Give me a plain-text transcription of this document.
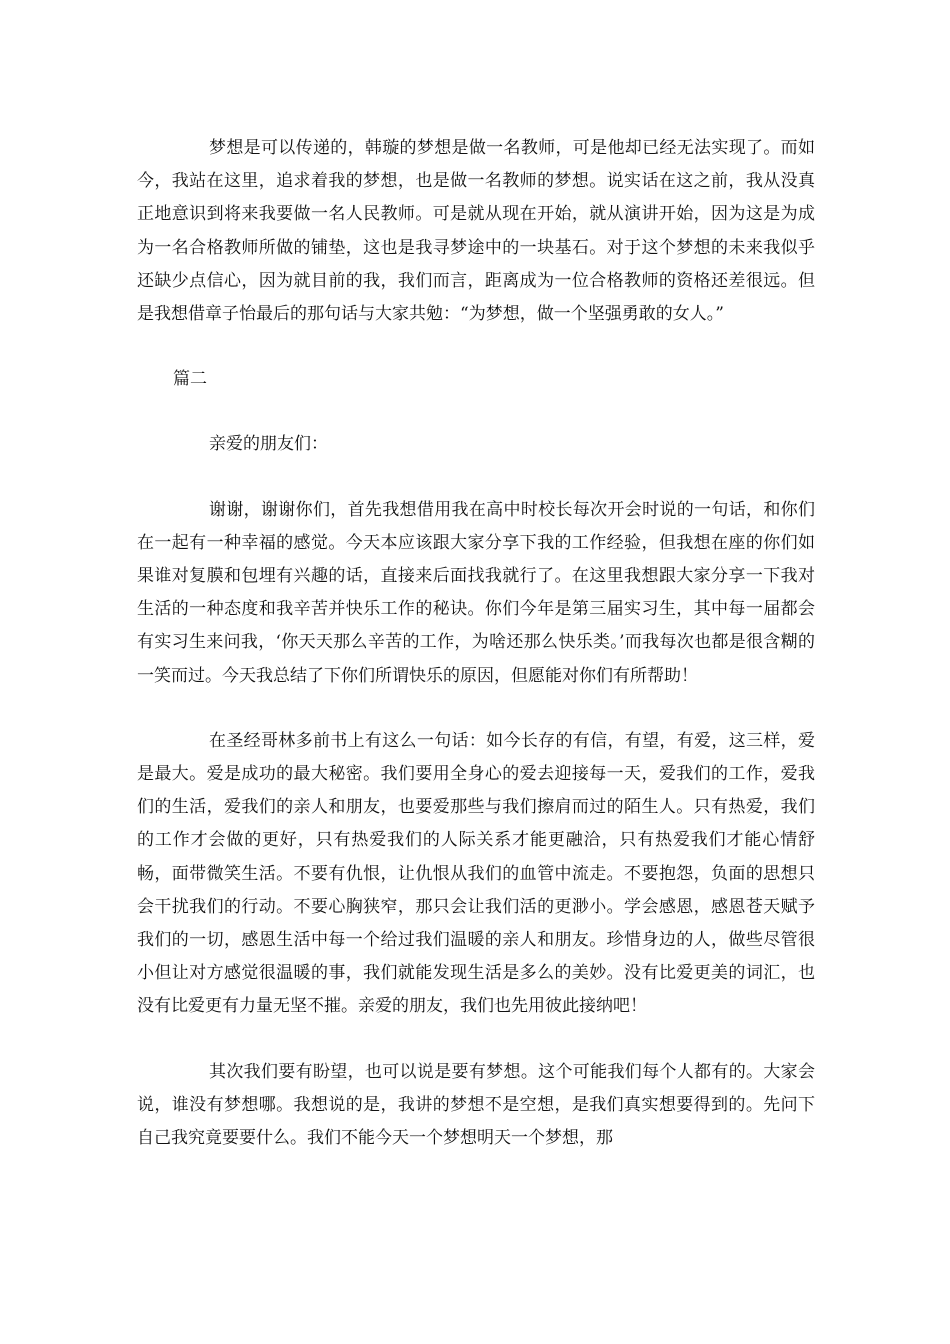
梦想是可以传递的，韩璇的梦想是做一名教师，可是他却已经无法实现了。而如今，我站在这里，追求着我的梦想，也是做一名教师的梦想。说实话在这之前，我从没真正地意识到将来我要做一名人民教师。可是就从现在开始，就从演讲开始，因为这是为成为一名合格教师所做的铺垫，这也是我寻梦途中的一块基石。对于这个梦想的未来我似乎还缺少点信心，因为就目前的我，我们而言，距离成为一位合格教师的资格还差很远。但是我想借章子怡最后的那句话与大家共勉：“为梦想，做一个坚强勇敢的女人。”

篇二

亲爱的朋友们：

谢谢，谢谢你们，首先我想借用我在高中时校长每次开会时说的一句话，和你们在一起有一种幸福的感觉。今天本应该跟大家分享下我的工作经验，但我想在座的你们如果谁对复膜和包埋有兴趣的话，直接来后面找我就行了。在这里我想跟大家分享一下我对生活的一种态度和我辛苦并快乐工作的秘诀。你们今年是第三届实习生，其中每一届都会有实习生来问我，‘你天天那么辛苦的工作，为啥还那么快乐类。’而我每次也都是很含糊的一笑而过。今天我总结了下你们所谓快乐的原因，但愿能对你们有所帮助！

在圣经哥林多前书上有这么一句话：如今长存的有信，有望，有爱，这三样，爱是最大。爱是成功的最大秘密。我们要用全身心的爱去迎接每一天，爱我们的工作，爱我们的生活，爱我们的亲人和朋友，也要爱那些与我们擦肩而过的陌生人。只有热爱，我们的工作才会做的更好，只有热爱我们的人际关系才能更融洽，只有热爱我们才能心情舒畅，面带微笑生活。不要有仇恨，让仇恨从我们的血管中流走。不要抱怨，负面的思想只会干扰我们的行动。不要心胸狭窄，那只会让我们活的更渺小。学会感恩，感恩苍天赋予我们的一切，感恩生活中每一个给过我们温暖的亲人和朋友。珍惜身边的人，做些尽管很小但让对方感觉很温暖的事，我们就能发现生活是多么的美妙。没有比爱更美的词汇，也没有比爱更有力量无坚不摧。亲爱的朋友，我们也先用彼此接纳吧！

其次我们要有盼望，也可以说是要有梦想。这个可能我们每个人都有的。大家会说，谁没有梦想哪。我想说的是，我讲的梦想不是空想，是我们真实想要得到的。先问下自己我究竟要要什么。我们不能今天一个梦想明天一个梦想，那
